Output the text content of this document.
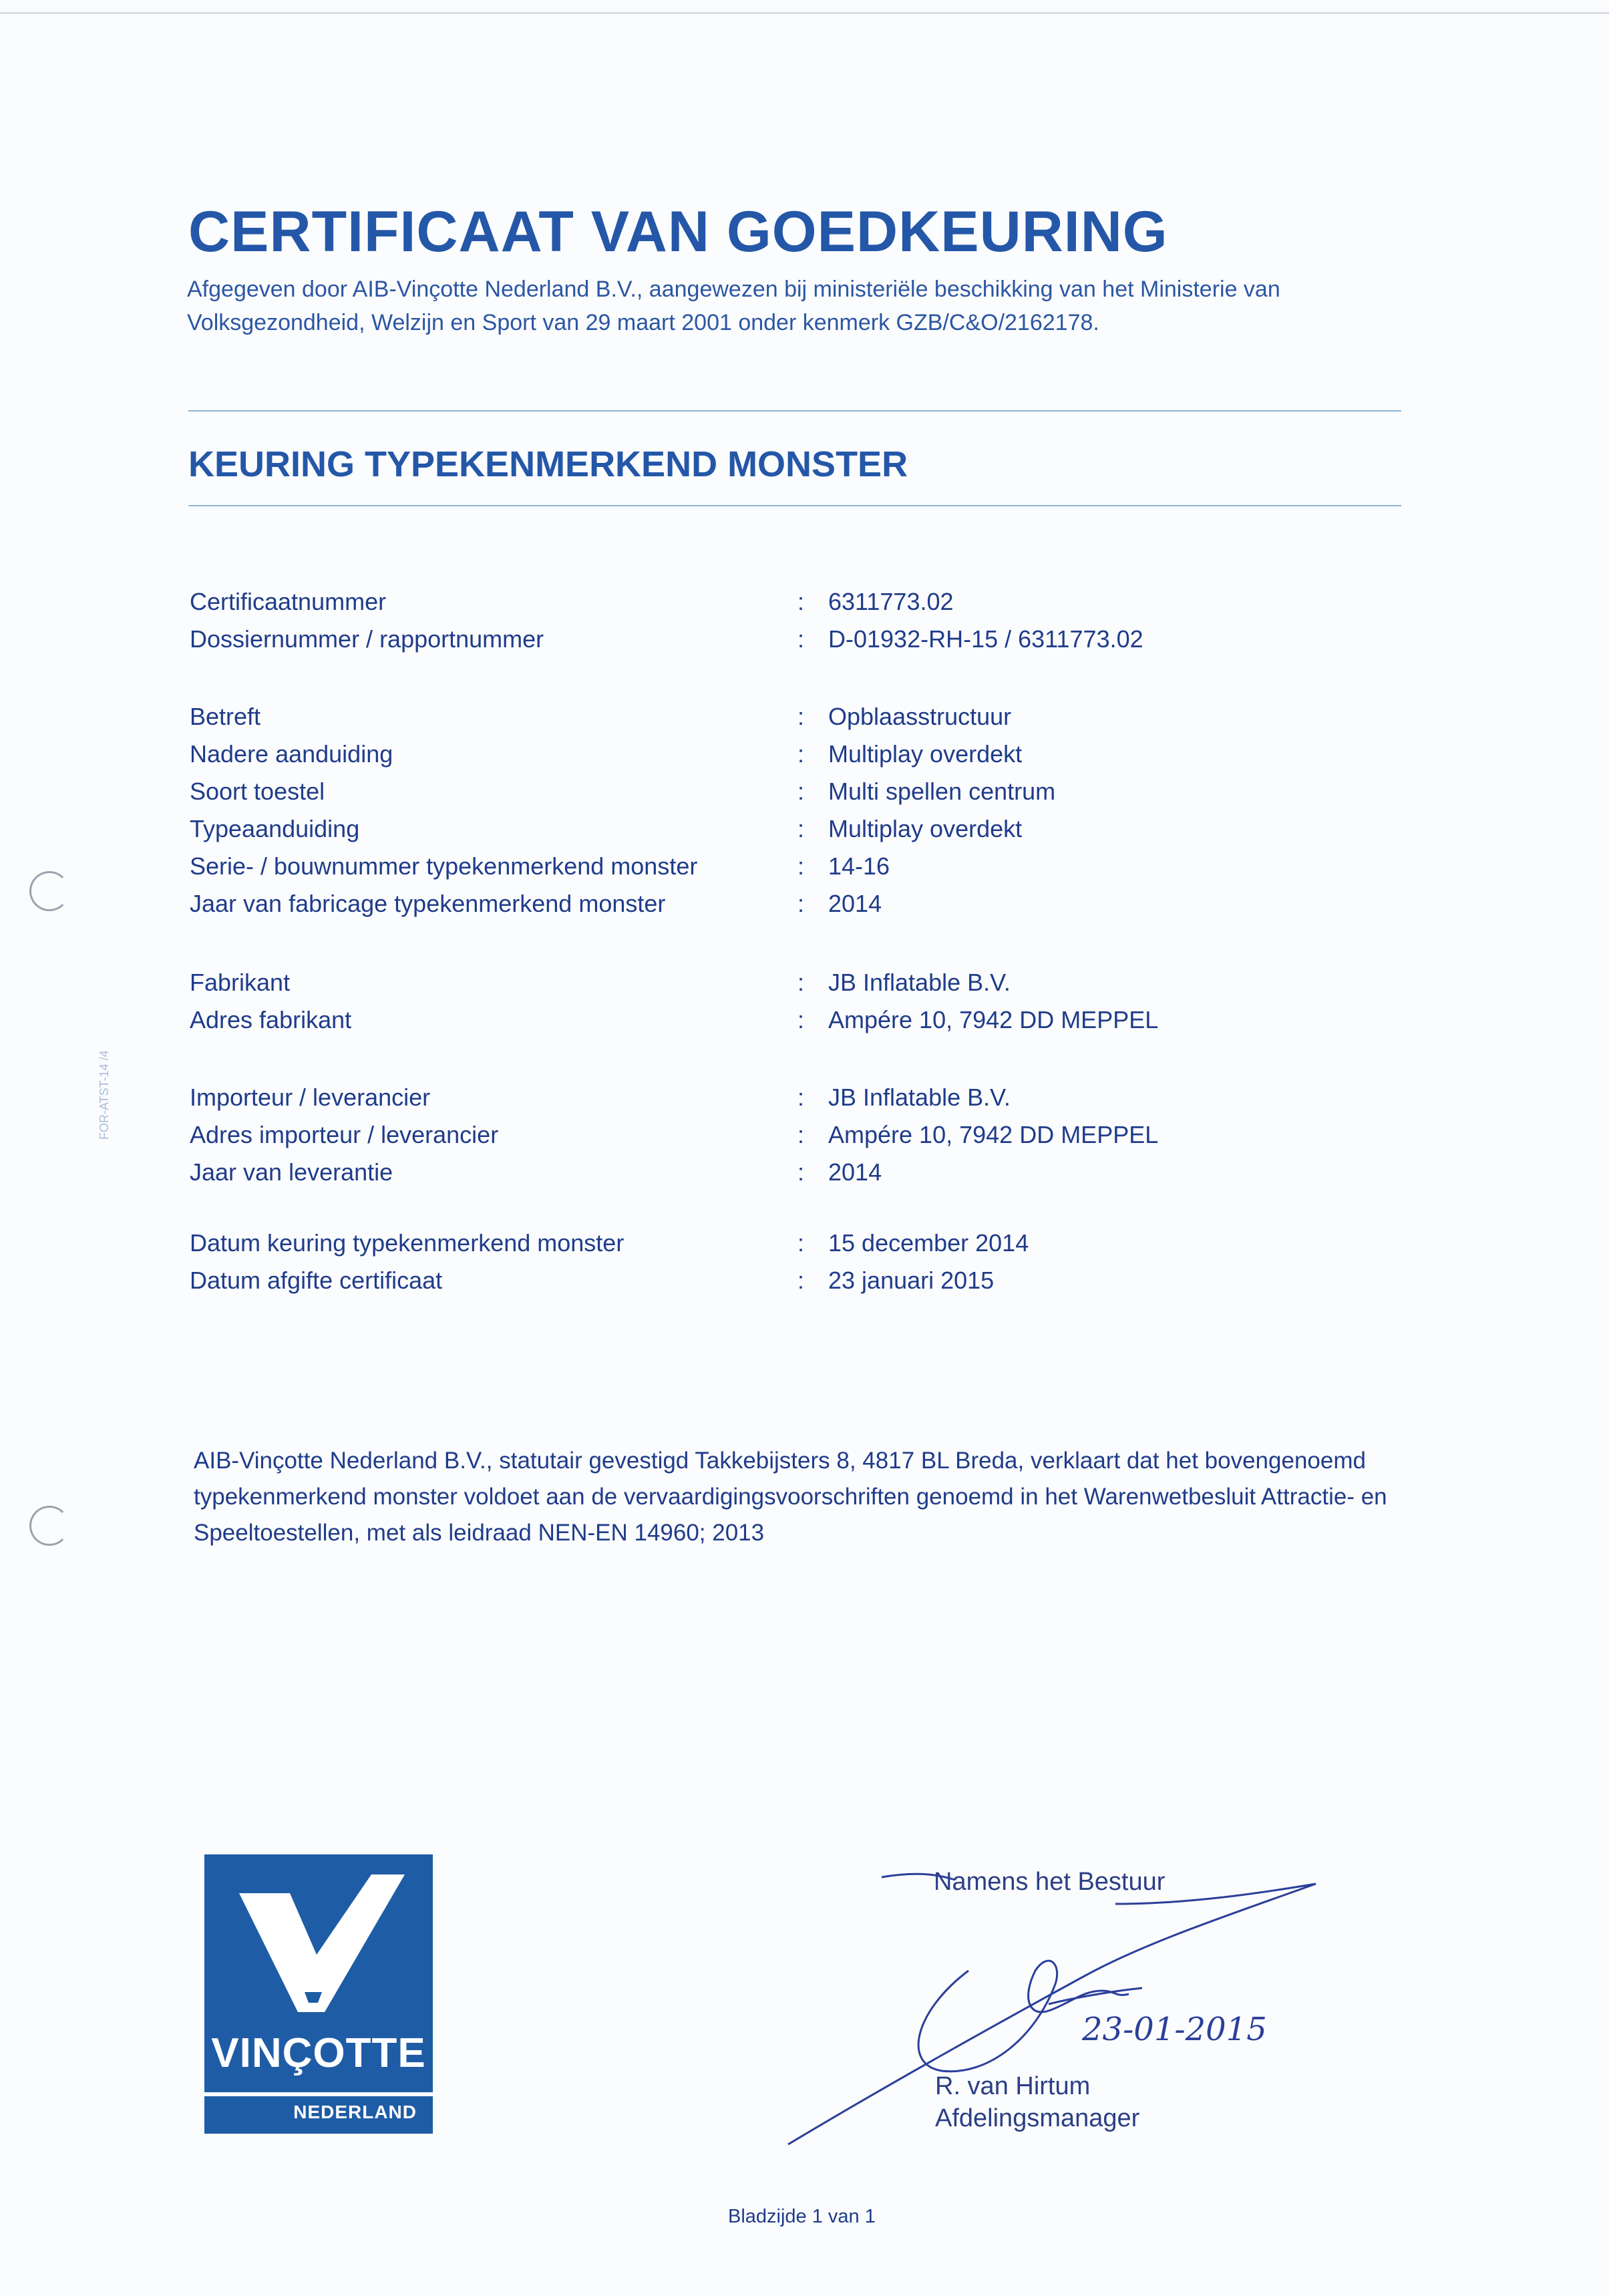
CERTIFICAAT VAN GOEDKEURING
Afgegeven door AIB-Vinçotte Nederland B.V., aangewezen bij ministeriële beschikking van het Ministerie van Volksgezondheid, Welzijn en Sport van 29 maart 2001 onder kenmerk GZB/C&O/2162178.
KEURING TYPEKENMERKEND MONSTER
Certificaatnummer	: 6311773.02
Dossiernummer / rapportnummer	: D-01932-RH-15 / 6311773.02
Betreft	: Opblaasstructuur
Nadere aanduiding	: Multiplay overdekt
Soort toestel	: Multi spellen centrum
Typeaanduiding	: Multiplay overdekt
Serie- / bouwnummer typekenmerkend monster	: 14-16
Jaar van fabricage typekenmerkend monster	: 2014
Fabrikant	: JB Inflatable B.V.
Adres fabrikant	: Ampére 10, 7942 DD MEPPEL
Importeur / leverancier	: JB Inflatable B.V.
Adres importeur / leverancier	: Ampére 10, 7942 DD MEPPEL
Jaar van leverantie	: 2014
Datum keuring typekenmerkend monster	: 15 december 2014
Datum afgifte certificaat	: 23 januari 2015
AIB-Vinçotte Nederland B.V., statutair gevestigd Takkebijsters 8, 4817 BL Breda, verklaart dat het bovengenoemd typekenmerkend monster voldoet aan de vervaardigingsvoorschriften genoemd in het Warenwetbesluit Attractie- en Speeltoestellen, met als leidraad NEN-EN 14960; 2013
VINÇOTTE
NEDERLAND
Namens het Bestuur
23-01-2015
R. van Hirtum
Afdelingsmanager
FOR-ATST-14 /4
Bladzijde 1 van 1
